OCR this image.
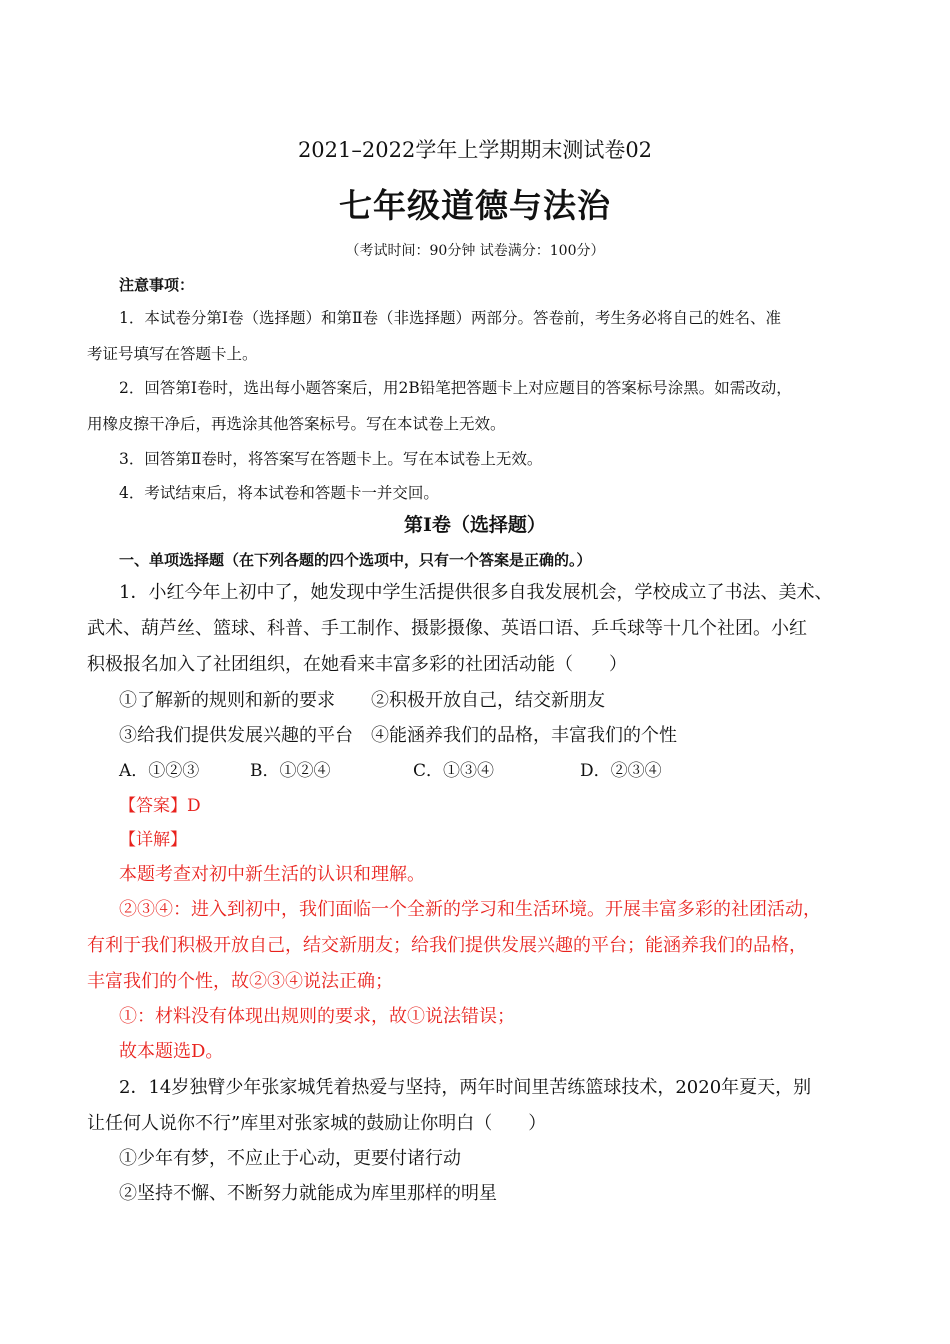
2021–2022学年上学期期末测试卷02
七年级道德与法治
（考试时间：90分钟 试卷满分：100分）
注意事项：
1．本试卷分第Ⅰ卷（选择题）和第Ⅱ卷（非选择题）两部分。答卷前，考生务必将自己的姓名、准
考证号填写在答题卡上。
2．回答第Ⅰ卷时，选出每小题答案后，用2B铅笔把答题卡上对应题目的答案标号涂黑。如需改动，
用橡皮擦干净后，再选涂其他答案标号。写在本试卷上无效。
3．回答第Ⅱ卷时，将答案写在答题卡上。写在本试卷上无效。
4．考试结束后，将本试卷和答题卡一并交回。
第Ⅰ卷（选择题）
一、单项选择题（在下列各题的四个选项中，只有一个答案是正确的。）
1．小红今年上初中了，她发现中学生活提供很多自我发展机会，学校成立了书法、美术、
武术、葫芦丝、篮球、科普、手工制作、摄影摄像、英语口语、乒乓球等十几个社团。小红
积极报名加入了社团组织，在她看来丰富多彩的社团活动能（　　）
①了解新的规则和新的要求　　②积极开放自己，结交新朋友
③给我们提供发展兴趣的平台　④能涵养我们的品格，丰富我们的个性
A．①②③	B．①②④	C．①③④	D．②③④
【答案】D
【详解】
本题考查对初中新生活的认识和理解。
②③④：进入到初中，我们面临一个全新的学习和生活环境。开展丰富多彩的社团活动，
有利于我们积极开放自己，结交新朋友；给我们提供发展兴趣的平台；能涵养我们的品格，
丰富我们的个性，故②③④说法正确；
①：材料没有体现出规则的要求，故①说法错误；
故本题选D。
2．14岁独臂少年张家城凭着热爱与坚持，两年时间里苦练篮球技术，2020年夏天，别
让任何人说你不行”库里对张家城的鼓励让你明白（　　）
①少年有梦，不应止于心动，更要付诸行动
②坚持不懈、不断努力就能成为库里那样的明星
